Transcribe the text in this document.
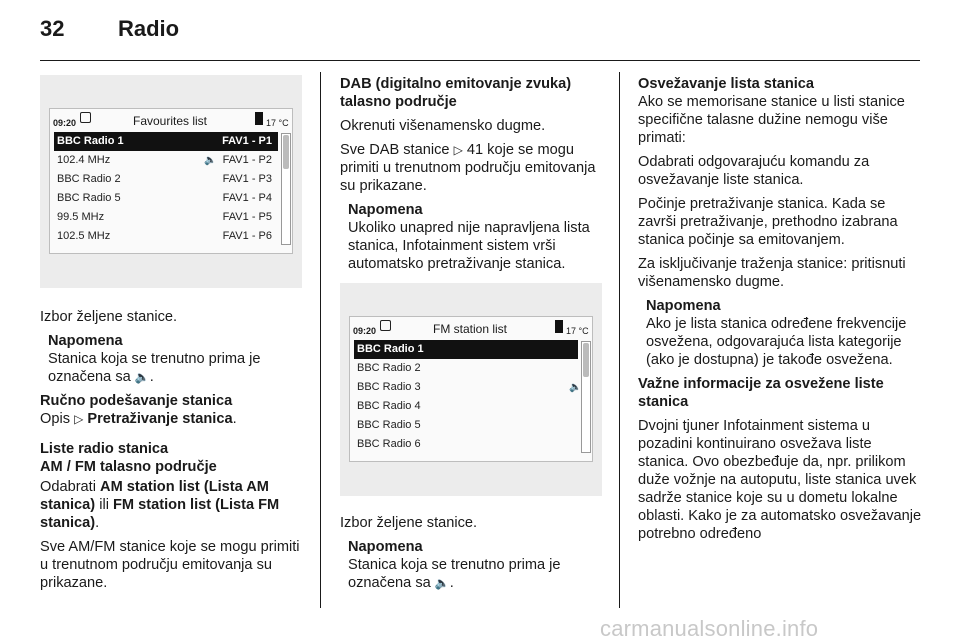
32 Radio
09:20	Favourites list	17 °C
BBC Radio 1	FAV1 - P1
102.4 MHz	🔈 FAV1 - P2
BBC Radio 2	FAV1 - P3
BBC Radio 5	FAV1 - P4
99.5 MHz	FAV1 - P5
102.5 MHz	FAV1 - P6
Izbor željene stanice.
Napomena
Stanica koja se trenutno prima je označena sa 🔈.
Ručno podešavanje stanica
Opis ▷ Pretraživanje stanica.
Liste radio stanica
AM / FM talasno područje
Odabrati AM station list (Lista AM stanica) ili FM station list (Lista FM stanica).
Sve AM/FM stanice koje se mogu primiti u trenutnom području emitovanja su prikazane.
DAB (digitalno emitovanje zvuka) talasno područje
Okrenuti višenamensko dugme.
Sve DAB stanice ▷ 41 koje se mogu primiti u trenutnom području emitovanja su prikazane.
Napomena
Ukoliko unapred nije napravljena lista stanica, Infotainment sistem vrši automatsko pretraživanje stanica.
09:20	FM station list	17 °C
BBC Radio 1
BBC Radio 2
BBC Radio 3	🔈
BBC Radio 4
BBC Radio 5
BBC Radio 6
Izbor željene stanice.
Napomena
Stanica koja se trenutno prima je označena sa 🔈.
Osvežavanje lista stanica
Ako se memorisane stanice u listi stanice specifične talasne dužine nemogu više primati:
Odabrati odgovarajuću komandu za osvežavanje liste stanica.
Počinje pretraživanje stanica. Kada se završi pretraživanje, prethodno izabrana stanica počinje sa emitovanjem.
Za isključivanje traženja stanice: pritisnuti višenamensko dugme.
Napomena
Ako je lista stanica određene frekvencije osvežena, odgovarajuća lista kategorije (ako je dostupna) je takođe osvežena.
Važne informacije za osvežene liste stanica
Dvojni tjuner Infotainment sistema u pozadini kontinuirano osvežava liste stanica. Ovo obezbeđuje da, npr. prilikom duže vožnje na autoputu, liste stanica uvek sadrže stanice koje su u dometu lokalne oblasti. Kako je za automatsko osvežavanje potrebno određeno
carmanualsonline.info
